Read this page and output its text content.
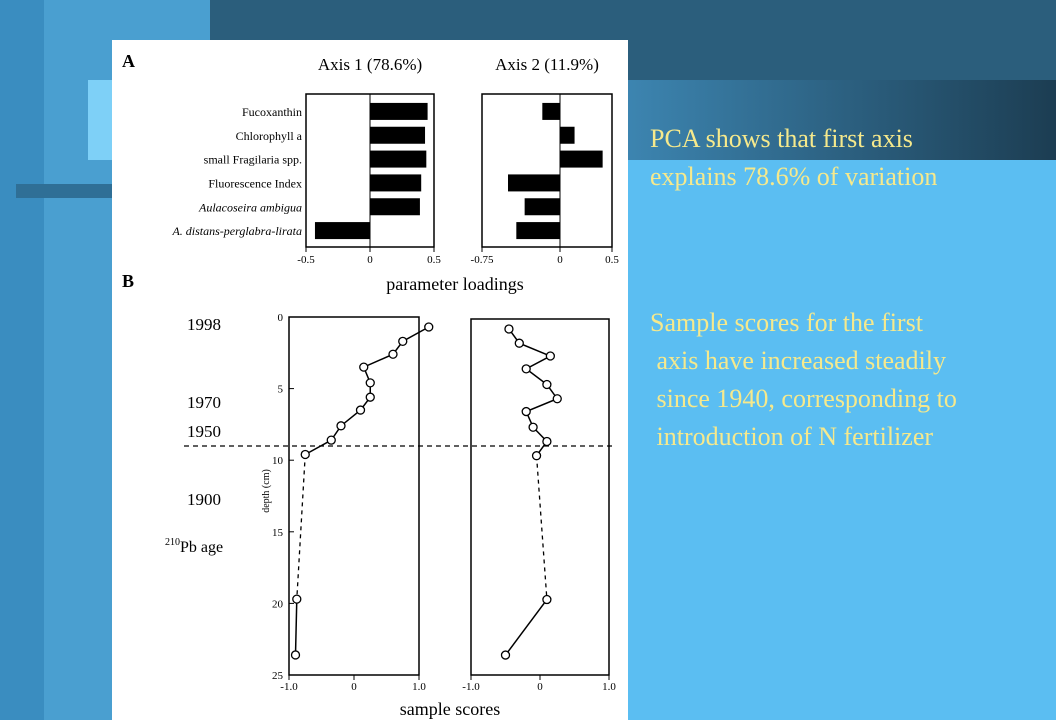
A
B
Axis 1 (78.6%)
Fucoxanthin
Chlorophyll a
small Fragilaria spp.
Fluorescence Index
Aulacoseira ambigua
A. distans-perglabra-lirata
-0.5	0	0.5
parameter loadings
Axis 2 (11.9%)
-0.75	0	0.5
-1.0	0	1.0
0
5
10
15
20
25
depth (cm)
sample scores
-1.0	0	1.0
1998
1970
1950
1900
$^{210}$Pb age
PCA shows that first axis
explains 78.6% of variation
Sample scores for the first
axis have increased steadily
since 1940, corresponding to
introduction of N fertilizer
